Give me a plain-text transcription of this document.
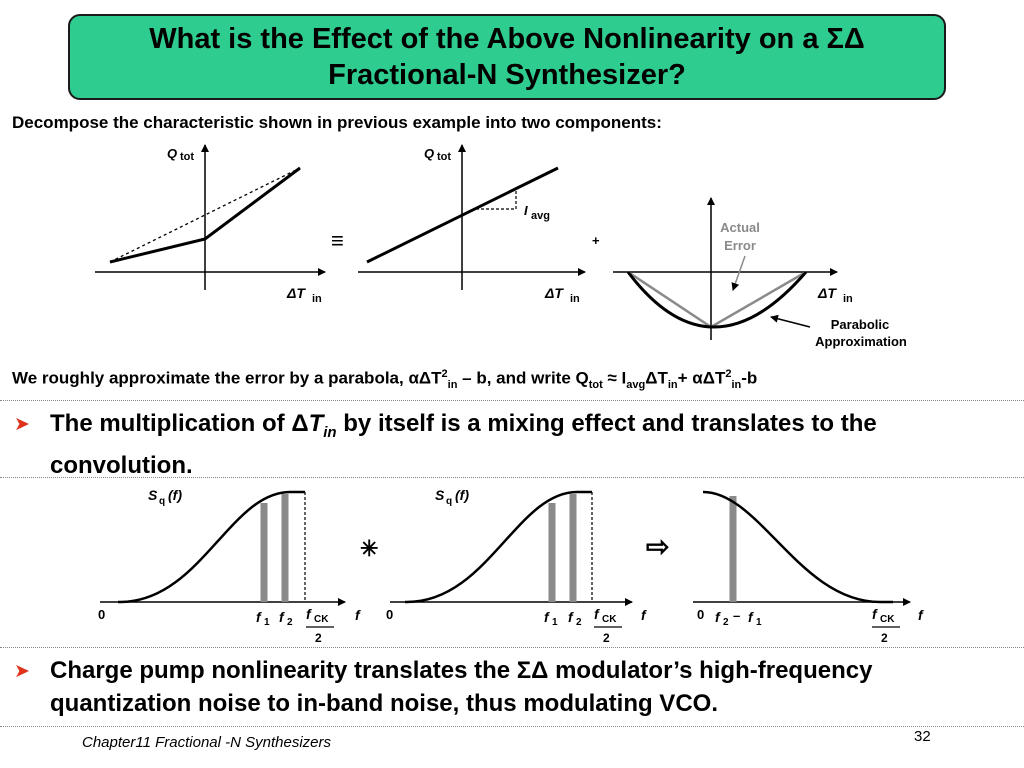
What is the Effect of the Above Nonlinearity on a ΣΔ
Fractional-N Synthesizer?
Decompose the characteristic shown in previous example into two components:
Q tot
ΔT in
≡
Q tot
I avg
ΔT in
+
Actual
Error
Parabolic
Approximation
ΔT in
We roughly approximate the error by a parabola, αΔT$^2_{in}$ – b, and write $Q_{tot} \approx I_{avg}\Delta T_{in}+ \alpha\Delta T^2_{in}-b$
➤ The multiplication of $\Delta T_{in}$ by itself is a mixing effect and translates to the convolution.
S q (f)
0	f 1 f 2
f CK
2
f
✳
S q (f)
0	f 1 f 2
f CK
2
f
⇨
0 f 2 – f 1
f CK
2
f
➤ Charge pump nonlinearity translates the ΣΔ modulator’s high-frequency quantization noise to in-band noise, thus modulating VCO.
Chapter11 Fractional -N Synthesizers	32
